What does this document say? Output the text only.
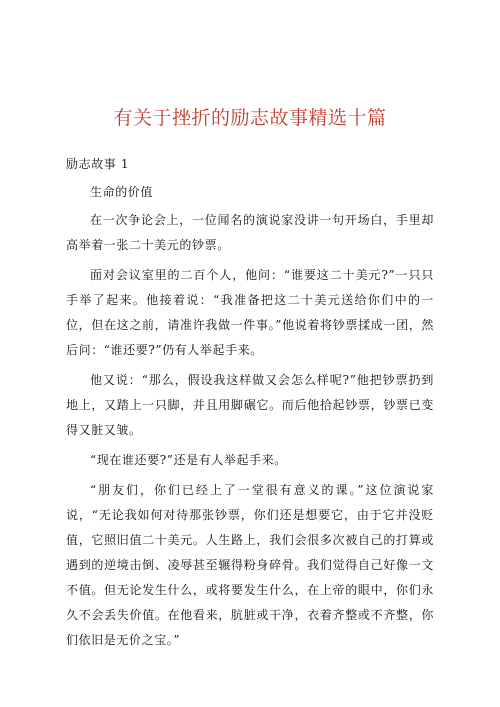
有关于挫折的励志故事精选十篇

励志故事 1

生命的价值

在一次争论会上，一位闻名的演说家没讲一句开场白，手里却高举着一张二十美元的钞票。

面对会议室里的二百个人，他问：“谁要这二十美元?”一只只手举了起来。他接着说：“我准备把这二十美元送给你们中的一位，但在这之前，请准许我做一件事。”他说着将钞票揉成一团，然后问：“谁还要?”仍有人举起手来。

他又说：“那么，假设我这样做又会怎么样呢?”他把钞票扔到地上，又踏上一只脚，并且用脚碾它。而后他拾起钞票，钞票已变得又脏又皱。

“现在谁还要?”还是有人举起手来。

“朋友们，你们已经上了一堂很有意义的课。”这位演说家说，“无论我如何对待那张钞票，你们还是想要它，由于它并没贬值，它照旧值二十美元。人生路上，我们会很多次被自己的打算或遇到的逆境击倒、凌辱甚至辗得粉身碎骨。我们觉得自己好像一文不值。但无论发生什么，或将要发生什么，在上帝的眼中，你们永久不会丢失价值。在他看来，肮脏或干净，衣着齐整或不齐整，你们依旧是无价之宝。”
